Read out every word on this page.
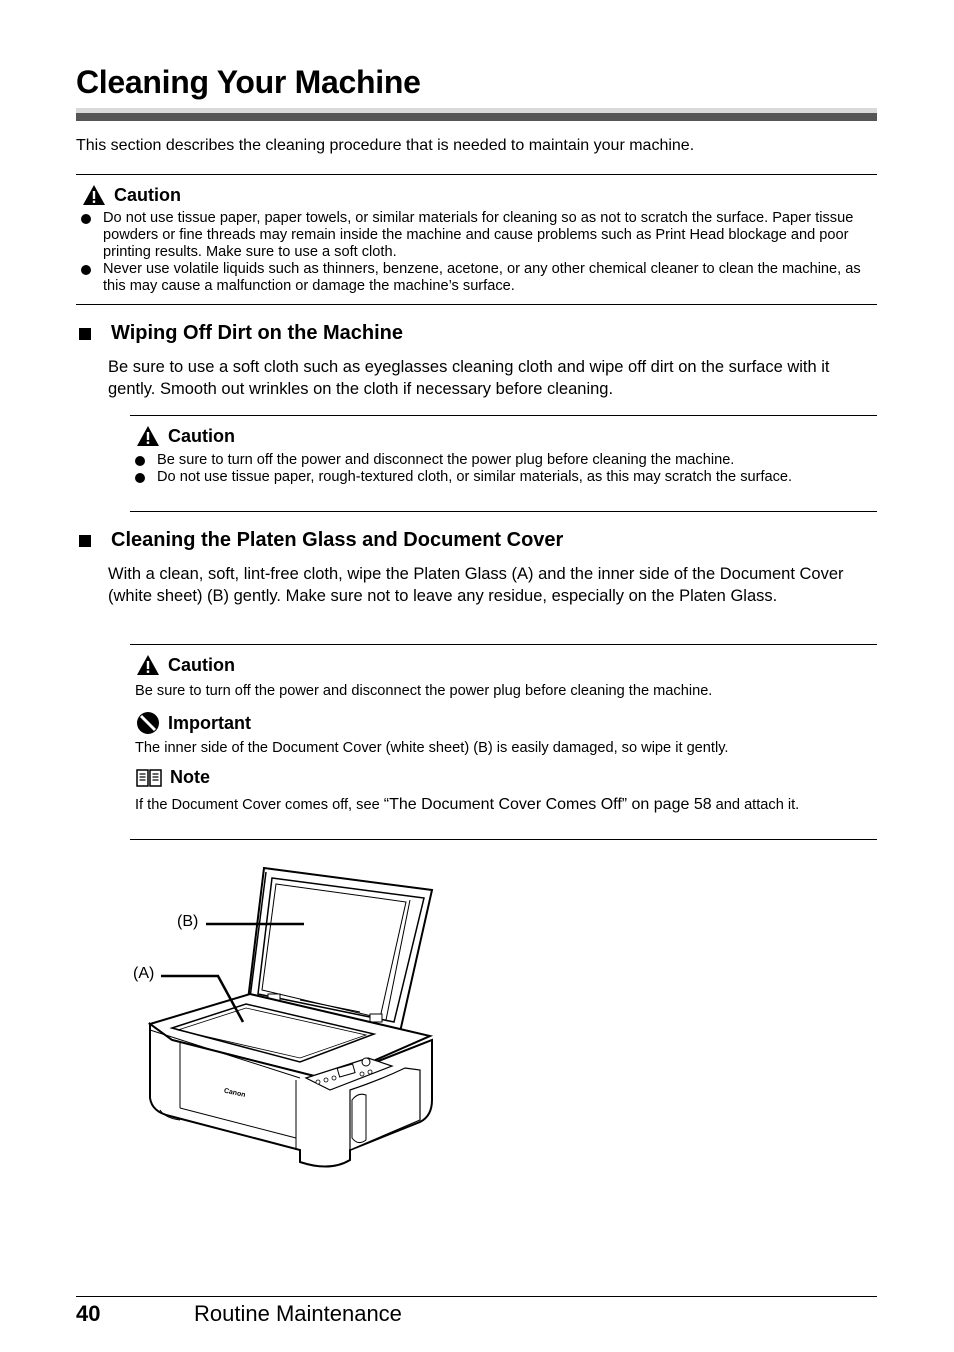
Cleaning Your Machine
This section describes the cleaning procedure that is needed to maintain your machine.
Caution
Do not use tissue paper, paper towels, or similar materials for cleaning so as not to scratch the surface. Paper tissue powders or fine threads may remain inside the machine and cause problems such as Print Head blockage and poor printing results. Make sure to use a soft cloth.
Never use volatile liquids such as thinners, benzene, acetone, or any other chemical cleaner to clean the machine, as this may cause a malfunction or damage the machine’s surface.
Wiping Off Dirt on the Machine
Be sure to use a soft cloth such as eyeglasses cleaning cloth and wipe off dirt on the surface with it gently. Smooth out wrinkles on the cloth if necessary before cleaning.
Caution
Be sure to turn off the power and disconnect the power plug before cleaning the machine.
Do not use tissue paper, rough-textured cloth, or similar materials, as this may scratch the surface.
Cleaning the Platen Glass and Document Cover
With a clean, soft, lint-free cloth, wipe the Platen Glass (A) and the inner side of the Document Cover (white sheet) (B) gently. Make sure not to leave any residue, especially on the Platen Glass.
Caution
Be sure to turn off the power and disconnect the power plug before cleaning the machine.
Important
The inner side of the Document Cover (white sheet) (B) is easily damaged, so wipe it gently.
Note
If the Document Cover comes off, see “The Document Cover Comes Off” on page 58 and attach it.
Canon
(B)
(A)
40	Routine Maintenance
